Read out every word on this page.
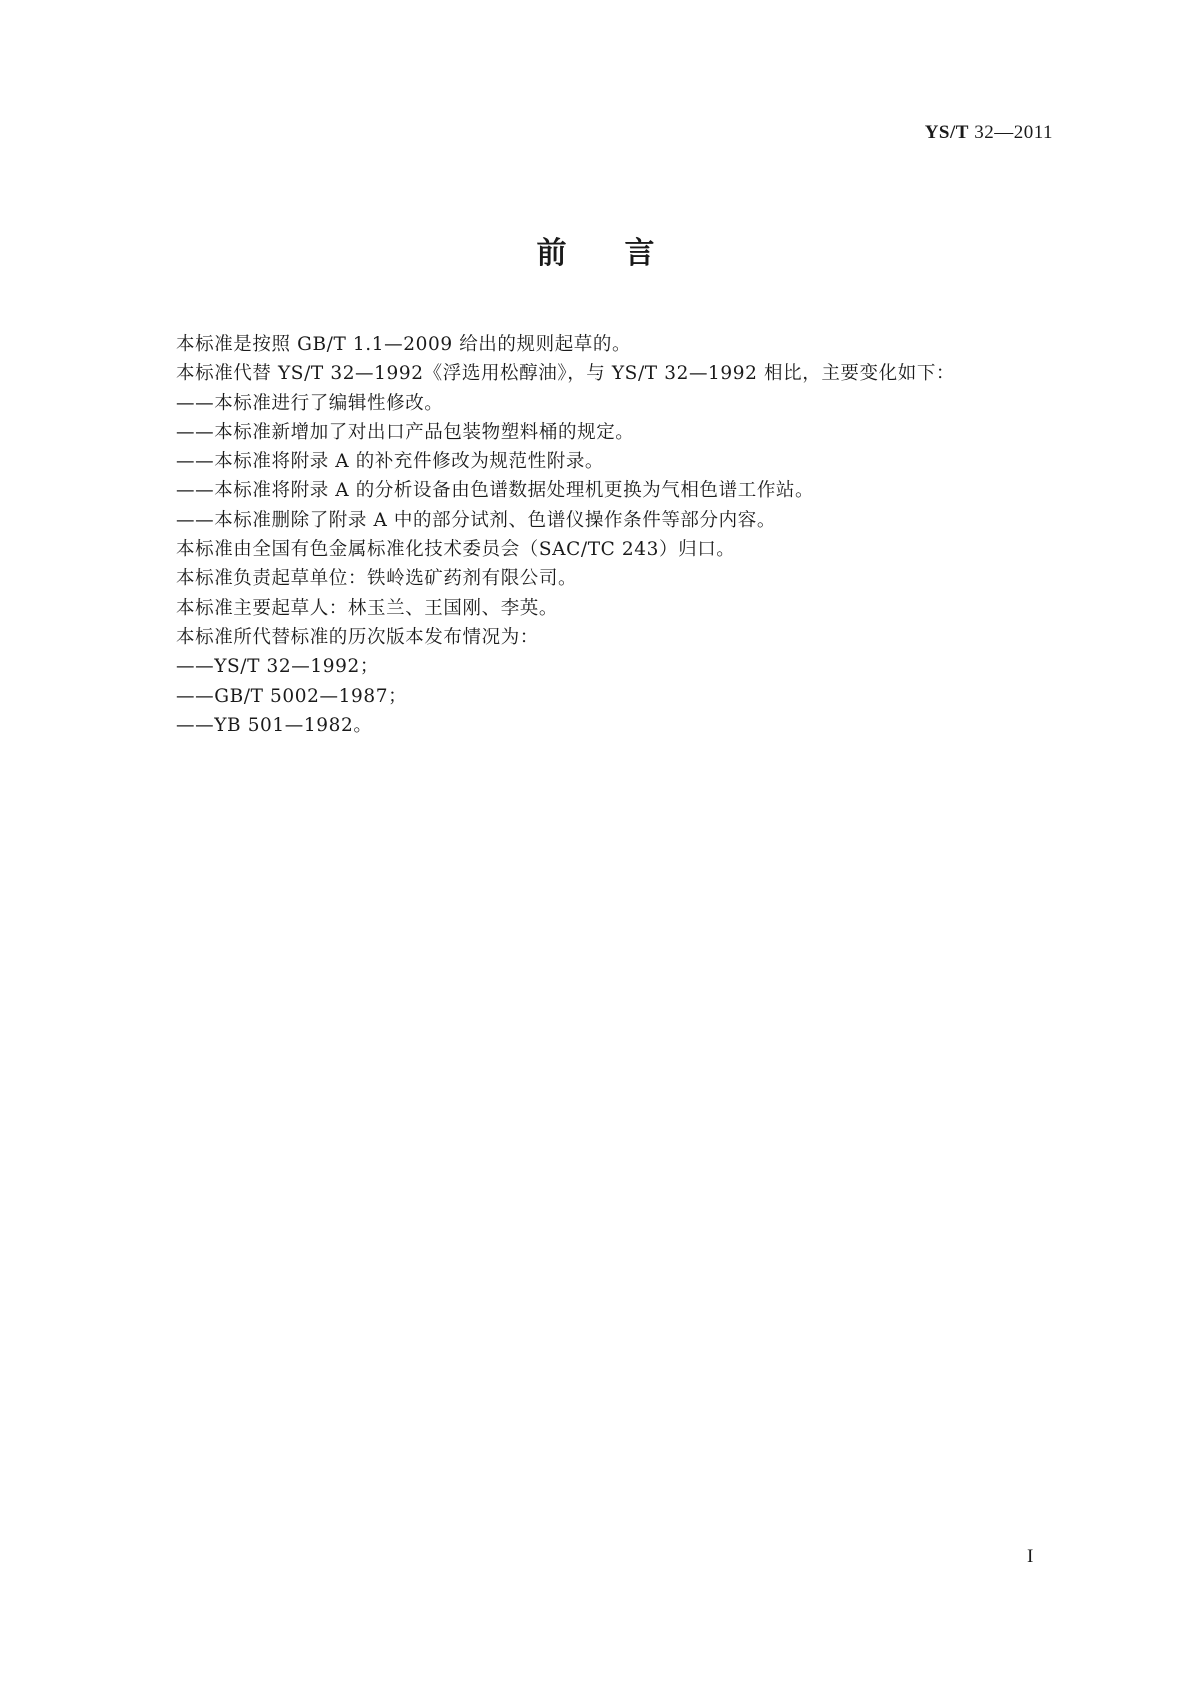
YS/T 32—2011
前言
本标准是按照 GB/T 1.1—2009 给出的规则起草的。
本标准代替 YS/T 32—1992《浮选用松醇油》，与 YS/T 32—1992 相比，主要变化如下：
——本标准进行了编辑性修改。
——本标准新增加了对出口产品包装物塑料桶的规定。
——本标准将附录 A 的补充件修改为规范性附录。
——本标准将附录 A 的分析设备由色谱数据处理机更换为气相色谱工作站。
——本标准删除了附录 A 中的部分试剂、色谱仪操作条件等部分内容。
本标准由全国有色金属标准化技术委员会（SAC/TC 243）归口。
本标准负责起草单位：铁岭选矿药剂有限公司。
本标准主要起草人：林玉兰、王国刚、李英。
本标准所代替标准的历次版本发布情况为：
——YS/T 32—1992；
——GB/T 5002—1987；
——YB 501—1982。
I
